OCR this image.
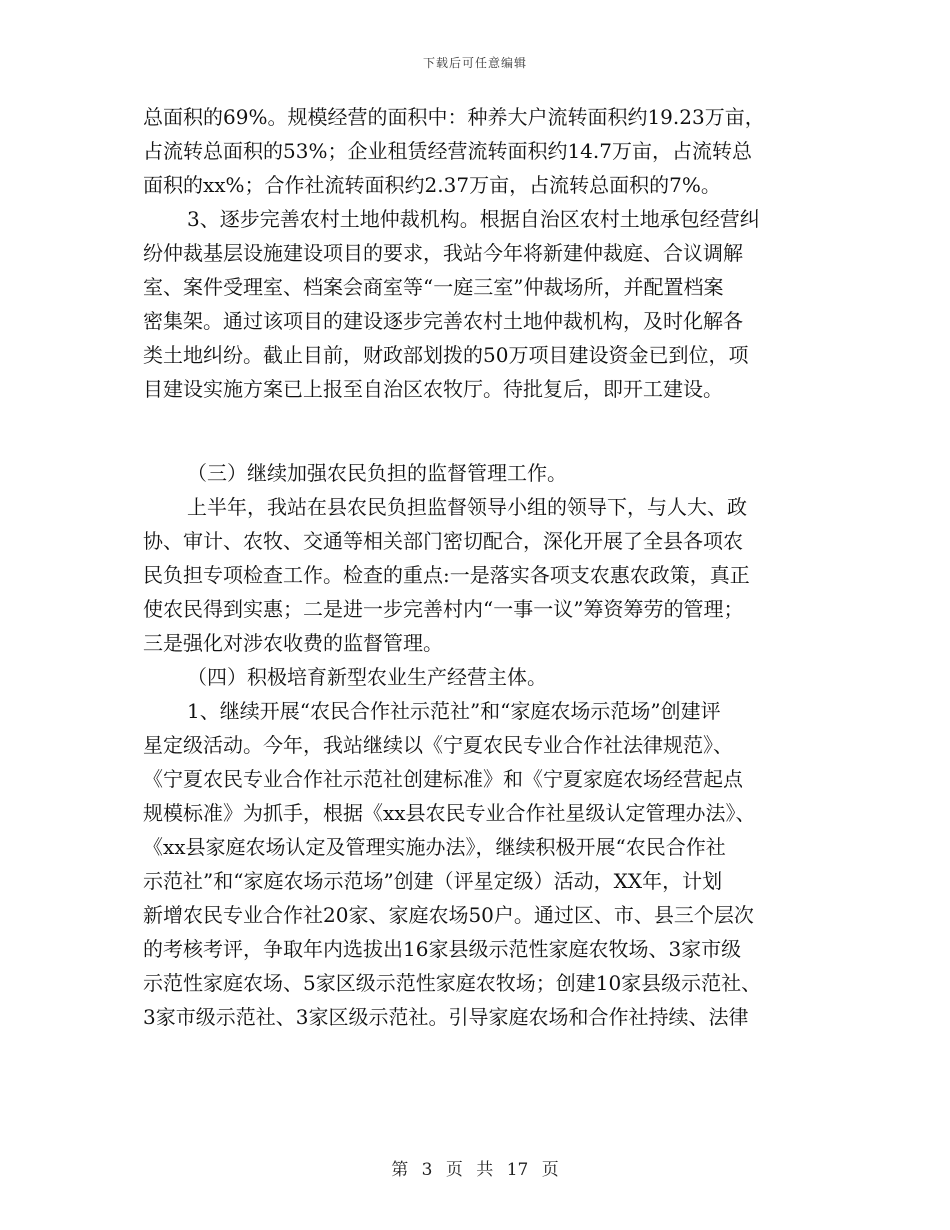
下载后可任意编辑
总面积的69%。规模经营的面积中：种养大户流转面积约19.23万亩，
占流转总面积的53%；企业租赁经营流转面积约14.7万亩，占流转总
面积的xx%；合作社流转面积约2.37万亩，占流转总面积的7%。
3、逐步完善农村土地仲裁机构。根据自治区农村土地承包经营纠
纷仲裁基层设施建设项目的要求，我站今年将新建仲裁庭、合议调解
室、案件受理室、档案会商室等“一庭三室”仲裁场所，并配置档案
密集架。通过该项目的建设逐步完善农村土地仲裁机构，及时化解各
类土地纠纷。截止目前，财政部划拨的50万项目建设资金已到位，项
目建设实施方案已上报至自治区农牧厅。待批复后，即开工建设。
（三）继续加强农民负担的监督管理工作。
上半年，我站在县农民负担监督领导小组的领导下，与人大、政
协、审计、农牧、交通等相关部门密切配合，深化开展了全县各项农
民负担专项检查工作。检查的重点:一是落实各项支农惠农政策，真正
使农民得到实惠；二是进一步完善村内“一事一议”筹资筹劳的管理；
三是强化对涉农收费的监督管理。
（四）积极培育新型农业生产经营主体。
1、继续开展“农民合作社示范社”和“家庭农场示范场”创建评
星定级活动。今年，我站继续以《宁夏农民专业合作社法律规范》、
《宁夏农民专业合作社示范社创建标准》和《宁夏家庭农场经营起点
规模标准》为抓手，根据《xx县农民专业合作社星级认定管理办法》、
《xx县家庭农场认定及管理实施办法》，继续积极开展“农民合作社
示范社”和“家庭农场示范场”创建（评星定级）活动，XX年，计划
新增农民专业合作社20家、家庭农场50户。通过区、市、县三个层次
的考核考评，争取年内选拔出16家县级示范性家庭农牧场、3家市级
示范性家庭农场、5家区级示范性家庭农牧场；创建10家县级示范社、
3家市级示范社、3家区级示范社。引导家庭农场和合作社持续、法律
第 3 页 共 17 页
